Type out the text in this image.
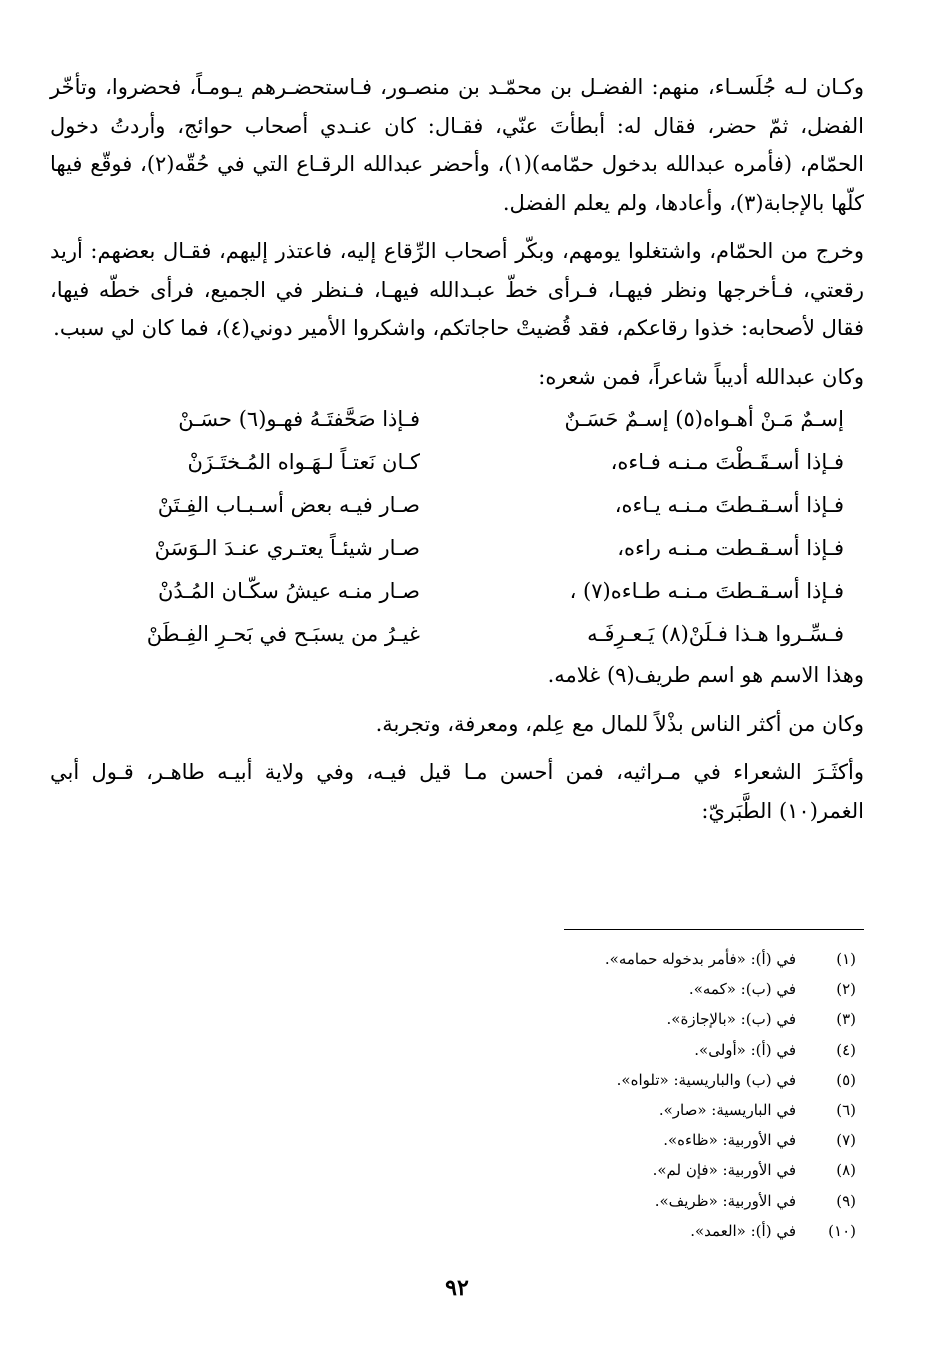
وكـان لـه جُلَسـاء، منهم: الفضـل بن محمّـد بن منصـور، فـاستحضـرهم يـومـاً، فحضروا، وتأخّر الفضل، ثمّ حضر، فقال له: أبطأتَ عنّي، فقـال: كان عنـدي أصحاب حوائج، وأردتُ دخول الحمّام، (فأمره عبدالله بدخول حمّامه)(١)، وأحضر عبدالله الرقـاع التي في حُقّه(٢)، فوقّع فيها كلّها بالإجابة(٣)، وأعادها، ولم يعلم الفضل.

وخرج من الحمّام، واشتغلوا يومهم، وبكّر أصحاب الرِّقاع إليه، فاعتذر إليهم، فقـال بعضهم: أريد رقعتي، فـأخرجها ونظر فيهـا، فـرأى خطّ عبـدالله فيهـا، فـنظر في الجميع، فرأى خطّه فيها، فقال لأصحابه: خذوا رقاعكم، فقد قُضيتْ حاجاتكم، واشكروا الأمير دوني(٤)، فما كان لي سبب.

وكان عبدالله أديباً شاعراً، فمن شعره:

إسـمٌ مَـنْ أهـواه(٥) إسـمٌ حَسَـنٌ
فـإذا صَحَّفتَـهُ فهـو(٦) حسَـنْ
فـإذا أسـقَـطْتَ مـنـه فـاءه،
كـان نَعتـاً لـهَـواه المُـختَـزَنْ
فـإذا أسـقـطتَ مـنـه يـاءه،
صـار فيـه بعض أسـبـاب الفِـتَنْ
فـإذا أسـقـطت مـنـه راءه،
صـار شيئـاً يعتـري عنـدَ الـوَسَنْ
فـإذا أسـقـطتَ مـنـه طـاءه(٧) ،
صـار منـه عيشُ سكّـان المُـدُنْ
فـسِّـروا هـذا فـلَنْ(٨) يَـعـرِفَـه
غيـرُ من يسبَـح في بَحـرِ الفِـطَنْ

وهذا الاسم هو اسم طريف(٩) غلامه.

وكان من أكثر الناس بذْلاً للمال مع عِلم، ومعرفة، وتجربة.

وأكثَـرَ الشعراء في مـراثيه، فمن أحسن مـا قيل فيـه، وفي ولاية أبيـه طاهـر، قـول أبي الغمر(١٠) الطَّبَريّ:

(١)
في (أ): «فأمر بدخوله حمامه».
(٢)
في (ب): «كمه».
(٣)
في (ب): «بالإجازة».
(٤)
في (أ): «أولى».
(٥)
في (ب) والباريسية: «تلواه».
(٦)
في الباريسية: «صار».
(٧)
في الأوربية: «ظاءه».
(٨)
في الأوربية: «فإن لم».
(٩)
في الأوربية: «ظريف».
(١٠)
في (أ): «العمد».
٩٢
